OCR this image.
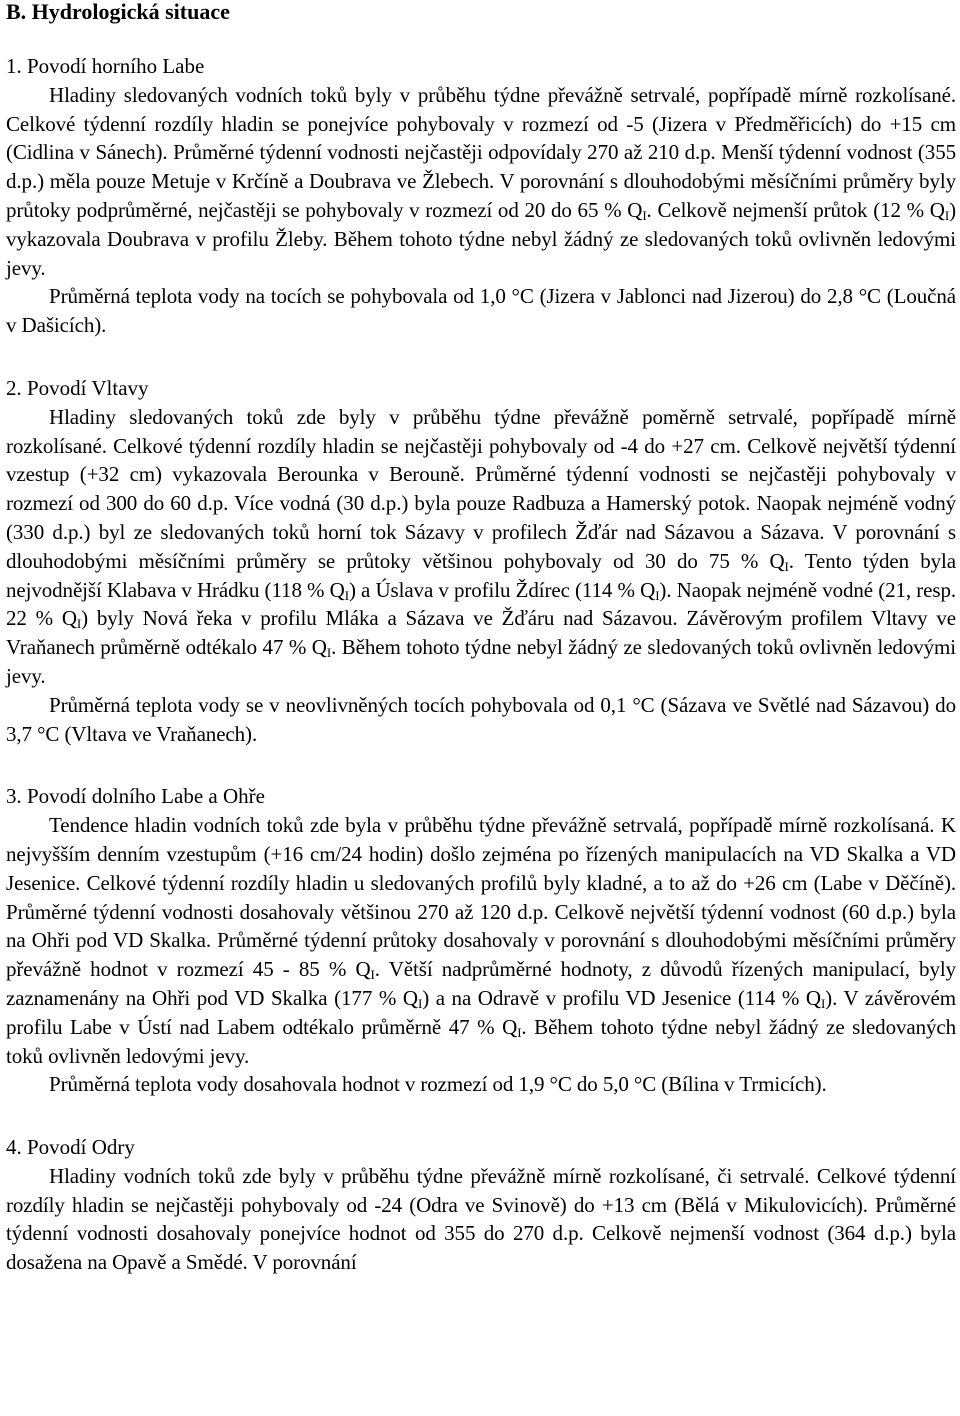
B. Hydrologická situace
1. Povodí horního Labe

Hladiny sledovaných vodních toků byly v průběhu týdne převážně setrvalé, popřípadě mírně rozkolísané. Celkové týdenní rozdíly hladin se ponejvíce pohybovaly v rozmezí od -5 (Jizera v Předměřicích) do +15 cm (Cidlina v Sánech). Průměrné týdenní vodnosti nejčastěji odpovídaly 270 až 210 d.p. Menší týdenní vodnost (355 d.p.) měla pouze Metuje v Krčíně a Doubrava ve Žlebech. V porovnání s dlouhodobými měsíčními průměry byly průtoky podprůměrné, nejčastěji se pohybovaly v rozmezí od 20 do 65 % $Q_I$. Celkově nejmenší průtok (12 % $Q_I$) vykazovala Doubrava v profilu Žleby. Během tohoto týdne nebyl žádný ze sledovaných toků ovlivněn ledovými jevy.

Průměrná teplota vody na tocích se pohybovala od 1,0 °C (Jizera v Jablonci nad Jizerou) do 2,8 °C (Loučná v Dašicích).

2. Povodí Vltavy

Hladiny sledovaných toků zde byly v průběhu týdne převážně poměrně setrvalé, popřípadě mírně rozkolísané. Celkové týdenní rozdíly hladin se nejčastěji pohybovaly od -4 do +27 cm. Celkově největší týdenní vzestup (+32 cm) vykazovala Berounka v Berouně. Průměrné týdenní vodnosti se nejčastěji pohybovaly v rozmezí od 300 do 60 d.p. Více vodná (30 d.p.) byla pouze Radbuza a Hamerský potok. Naopak nejméně vodný (330 d.p.) byl ze sledovaných toků horní tok Sázavy v profilech Žďár nad Sázavou a Sázava. V porovnání s dlouhodobými měsíčními průměry se průtoky většinou pohybovaly od 30 do 75 % $Q_I$. Tento týden byla nejvodnější Klabava v Hrádku (118 % $Q_I$) a Úslava v profilu Ždírec (114 % $Q_I$). Naopak nejméně vodné (21, resp. 22 % $Q_I$) byly Nová řeka v profilu Mláka a Sázava ve Žďáru nad Sázavou. Závěrovým profilem Vltavy ve Vraňanech průměrně odtékalo 47 % $Q_I$. Během tohoto týdne nebyl žádný ze sledovaných toků ovlivněn ledovými jevy.

Průměrná teplota vody se v neovlivněných tocích pohybovala od 0,1 °C (Sázava ve Světlé nad Sázavou) do 3,7 °C (Vltava ve Vraňanech).

3. Povodí dolního Labe a Ohře

Tendence hladin vodních toků zde byla v průběhu týdne převážně setrvalá, popřípadě mírně rozkolísaná. K nejvyšším denním vzestupům (+16 cm/24 hodin) došlo zejména po řízených manipulacích na VD Skalka a VD Jesenice. Celkové týdenní rozdíly hladin u sledovaných profilů byly kladné, a to až do +26 cm (Labe v Děčíně). Průměrné týdenní vodnosti dosahovaly většinou 270 až 120 d.p. Celkově největší týdenní vodnost (60 d.p.) byla na Ohři pod VD Skalka. Průměrné týdenní průtoky dosahovaly v porovnání s dlouhodobými měsíčními průměry převážně hodnot v rozmezí 45 - 85 % $Q_I$. Větší nadprůměrné hodnoty, z důvodů řízených manipulací, byly zaznamenány na Ohři pod VD Skalka (177 % $Q_I$) a na Odravě v profilu VD Jesenice (114 % $Q_I$). V závěrovém profilu Labe v Ústí nad Labem odtékalo průměrně 47 % $Q_I$. Během tohoto týdne nebyl žádný ze sledovaných toků ovlivněn ledovými jevy.

Průměrná teplota vody dosahovala hodnot v rozmezí od 1,9 °C do 5,0 °C (Bílina v Trmicích).

4. Povodí Odry

Hladiny vodních toků zde byly v průběhu týdne převážně mírně rozkolísané, či setrvalé. Celkové týdenní rozdíly hladin se nejčastěji pohybovaly od -24 (Odra ve Svinově) do +13 cm (Bělá v Mikulovicích). Průměrné týdenní vodnosti dosahovaly ponejvíce hodnot od 355 do 270 d.p. Celkově nejmenší vodnost (364 d.p.) byla dosažena na Opavě a Smědé. V porovnání
